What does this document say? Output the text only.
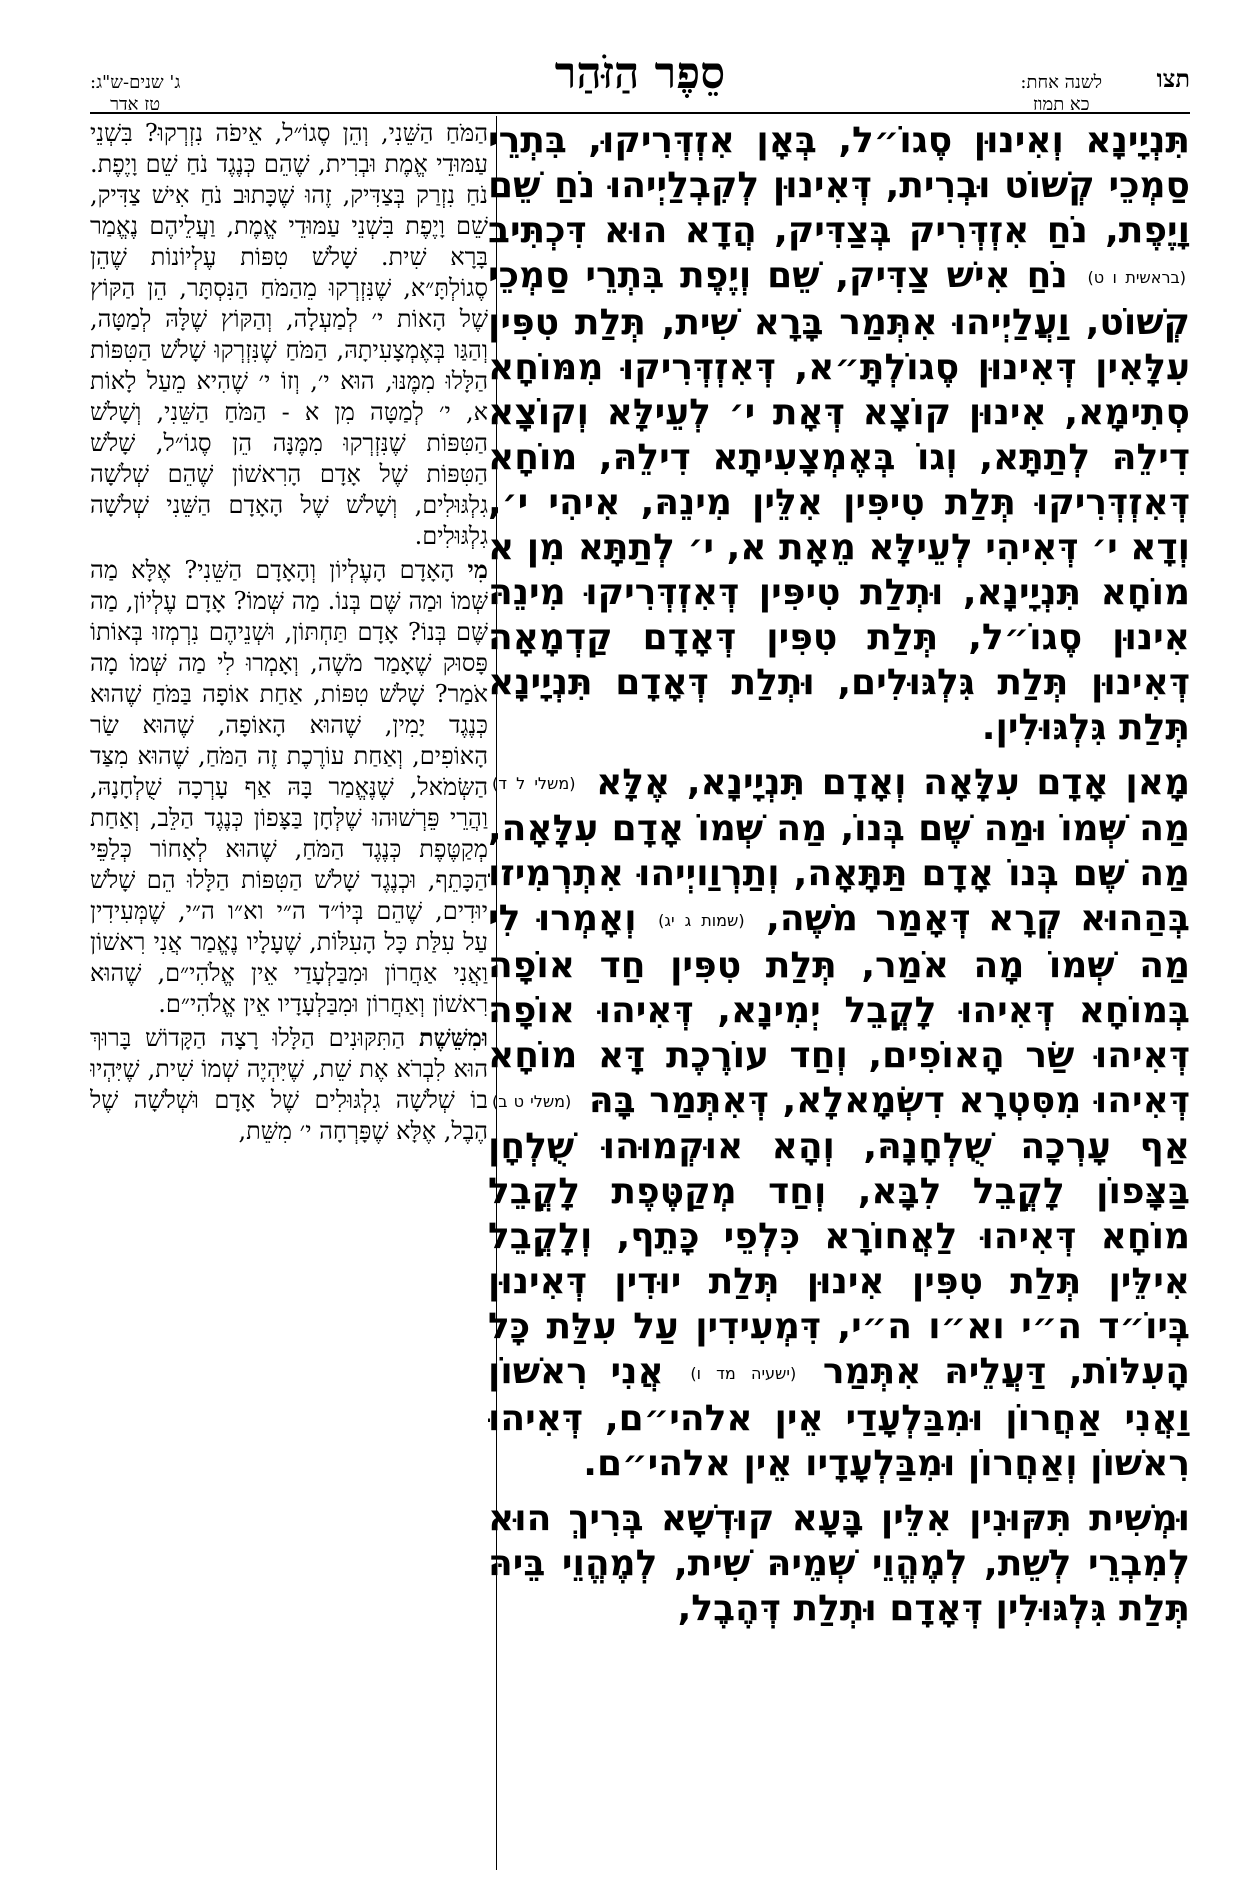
תצו
לשנה אחת:
כא תמוז
סֵפֶר הַזֹּהַר
ג' שנים-ש"ג:
טז אדר

תִּנְיָינָא וְאִינוּן סֶגוֹ״ל, בְּאָן אִזְדְּרִיקוּ, בִּתְרֵי סַמְכֵי קְשׁוֹט וּבְרִית, דְּאִינוּן לְקִבְלַיְיהוּ נֹחַ שֵׁם וָיֶפֶת, נֹחַ אִזְדְּרִיק בְּצַדִּיק, הֲדָא הוּא דִּכְתִּיב (בראשית ו ט) נֹחַ אִישׁ צַדִּיק, שֵׁם וְיֶפֶת בִּתְרֵי סַמְכֵי קְשׁוֹט, וַעֲלַיְיהוּ אִתְּמַר בָּרָא שִׁית, תְּלַת טִפִּין עִלָּאִין דְּאִינוּן סֶגוֹלְתָּ״א, דְּאִזְדְּרִיקוּ מִמּוֹחָא סְתִימָא, אִינוּן קוֹצָא דְּאָת י׳ לְעֵילָּא וְקוֹצָא דִילֵהּ לְתַתָּא, וְגוֹ בְּאֶמְצָעִיתָא דִילֵהּ, מוֹחָא דְּאִזְדְּרִיקוּ תְּלַת טִיפִּין אִלֵּין מִינֵהּ, אִיהִי י׳, וְדָא י׳ דְּאִיהִי לְעֵילָּא מֵאָת א, י׳ לְתַתָּא מִן א מוֹחָא תִּנְיָינָא, וּתְלַת טִיפִּין דְּאִזְדְּרִיקוּ מִינֵהּ אִינוּן סֶגוֹ״ל, תְּלַת טִפִּין דְּאָדָם קַדְמָאָה דְּאִינוּן תְּלַת גִּלְגּוּלִים, וּתְלַת דְּאָדָם תִּנְיָינָא תְּלַת גִּלְגּוּלִין.

מָאן אָדָם עִלָּאָה וְאָדָם תִּנְיָינָא, אֶלָּא (משלי ל ד) מַה שְּׁמוֹ וּמַה שֶּׁם בְּנוֹ, מַה שְּׁמוֹ אָדָם עִלָּאָה, מַה שֶּׁם בְּנוֹ אָדָם תַּתָּאָה, וְתַרְוַויְיהוּ אִתְרְמִיזוּ בְּהַהוּא קְרָא דְּאָמַר מֹשֶׁה, (שמות ג יג) וְאָמְרוּ לִי מַה שְּׁמוֹ מָה אֹמַר, תְּלַת טִפִּין חַד אוֹפָה בְּמוֹחָא דְּאִיהוּ לָקֳבֵל יְמִינָא, דְּאִיהוּ אוֹפָה דְּאִיהוּ שַׂר הָאוֹפִים, וְחַד עוֹרֶכֶת דָּא מוֹחָא דְּאִיהוּ מִסִּטְרָא דִשְׂמָאלָא, דְּאִתְּמַר בָּהּ (משלי ט ב) אַף עָרְכָה שֻׁלְחָנָהּ, וְהָא אוּקְמוּהוּ שֻׁלְחָן בַּצָּפוֹן לָקֳבֵל לִבָּא, וְחַד מְקַטֶּפֶת לָקֳבֵל מוֹחָא דְּאִיהוּ לַאֲחוֹרָא כִּלְפֵי כָּתֵף, וְלָקֳבֵל אִילֵּין תְּלַת טִפִּין אִינוּן תְּלַת יוּדִין דְּאִינוּן בְּיוֹ״ד ה״י וא״ו ה״י, דִּמְעִידִין עַל עִלַּת כָּל הָעִלּוֹת, דַּעֲלֵיהּ אִתְּמַר (ישעיה מד ו) אֲנִי רִאשׁוֹן וַאֲנִי אַחֲרוֹן וּמִבַּלְעָדַי אֵין אלהי״ם, דְּאִיהוּ רִאשׁוֹן וְאַחֲרוֹן וּמִבַּלְעָדָיו אֵין אלהי״ם.

וּמְשִׁית תִּקּוּנִין אִלֵּין בָּעָא קוּדְשָׁא בְּרִיךְ הוּא לְמִבְרֵי לְשֵׁת, לְמֶהֱוֵי שְׁמֵיהּ שִׁית, לְמֶהֱוֵי בֵּיהּ תְּלַת גִּלְגּוּלִין דְּאָדָם וּתְלַת דְּהֶבֶל,

הַמֹּחַ הַשֵּׁנִי, וְהֵן סֶגוֹ״ל, אֵיפֹה נִזְרְקוּ? בִּשְׁנֵי עַמּוּדֵי אֱמֶת וּבְרִית, שֶׁהֵם כְּנֶגֶד נֹחַ שֵׁם וָיֶפֶת. נֹחַ נִזְרַק בְּצַדִּיק, זֶהוּ שֶׁכָּתוּב נֹחַ אִישׁ צַדִּיק, שֵׁם וָיֶפֶת בִּשְׁנֵי עַמּוּדֵי אֱמֶת, וַעֲלֵיהֶם נֶאֱמַר בָּרָא שִׁית. שָׁלֹשׁ טִפּוֹת עֶלְיוֹנוֹת שֶׁהֵן סֶגוֹלְתָּ״א, שֶׁנִּזְרְקוּ מֵהַמֹּחַ הַנִּסְתָּר, הֵן הַקּוֹץ שֶׁל הָאוֹת י׳ לְמַעְלָה, וְהַקּוֹץ שֶׁלָּהּ לְמַטָּה, וְהַגַּו בְּאֶמְצָעִיתָהּ, הַמֹּחַ שֶׁנִּזְרְקוּ שָׁלֹשׁ הַטִּפּוֹת הַלָּלוּ מִמֶּנּוּ, הוּא י׳, וְזוֹ י׳ שֶׁהִיא מֵעַל לָאוֹת א, י׳ לְמַטָּה מִן א - הַמֹּחַ הַשֵּׁנִי, וְשָׁלֹשׁ הַטִּפּוֹת שֶׁנִּזְרְקוּ מִמֶּנָּה הֵן סֶגוֹ״ל, שָׁלֹשׁ הַטִּפּוֹת שֶׁל אָדָם הָרִאשׁוֹן שֶׁהֵם שְׁלֹשָׁה גִלְגּוּלִים, וְשָׁלֹשׁ שֶׁל הָאָדָם הַשֵּׁנִי שְׁלֹשָׁה גִלְגּוּלִים.

מִי הָאָדָם הָעֶלְיוֹן וְהָאָדָם הַשֵּׁנִי? אֶלָּא מַה שְּׁמוֹ וּמַה שֶּׁם בְּנוֹ. מַה שְּׁמוֹ? אָדָם עֶלְיוֹן, מַה שֶּׁם בְּנוֹ? אָדָם תַּחְתּוֹן, וּשְׁנֵיהֶם נִרְמְזוּ בְּאוֹתוֹ פָּסוּק שֶׁאָמַר מֹשֶׁה, וְאָמְרוּ לִי מַה שְּׁמוֹ מָה אֹמַר? שָׁלֹשׁ טִפּוֹת, אַחַת אוֹפָה בַּמֹּחַ שֶׁהוּא כְּנֶגֶד יָמִין, שֶׁהוּא הָאוֹפָה, שֶׁהוּא שַׂר הָאוֹפִים, וְאַחַת עוֹרֶכֶת זֶה הַמֹּחַ, שֶׁהוּא מִצַּד הַשְּׂמֹאל, שֶׁנֶּאֱמַר בָּהּ אַף עָרְכָה שֻׁלְחָנָהּ, וַהֲרֵי פֵּרְשׁוּהוּ שֶׁלְּחָן בַּצָּפוֹן כְּנֶגֶד הַלֵּב, וְאַחַת מְקַטֶּפֶת כְּנֶגֶד הַמֹּחַ, שֶׁהוּא לְאָחוֹר כְּלַפֵּי הַכָּתֵף, וּכְנֶגֶד שָׁלֹשׁ הַטִּפּוֹת הַלָּלוּ הֵם שָׁלֹשׁ יוּדִים, שֶׁהֵם בְּיוֹ״ד ה״י וא״ו ה״י, שֶׁמְּעִידִין עַל עִלַּת כָּל הָעִלּוֹת, שֶׁעָלָיו נֶאֱמַר אֲנִי רִאשׁוֹן וַאֲנִי אַחֲרוֹן וּמִבַּלְעָדַי אֵין אֱלֹהִי״ם, שֶׁהוּא רִאשׁוֹן וְאַחֲרוֹן וּמִבַּלְעָדָיו אֵין אֱלֹהִי״ם.

וּמִשֵּׁשֶׁת הַתִּקּוּנִים הַלָּלוּ רָצָה הַקָּדוֹשׁ בָּרוּךְ הוּא לִבְרֹא אֶת שֵׁת, שֶׁיִּהְיֶה שְׁמוֹ שִׁית, שֶׁיִּהְיוּ בוֹ שְׁלֹשָׁה גִלְגּוּלִים שֶׁל אָדָם וּשְׁלֹשָׁה שֶׁל הֶבֶל, אֶלָּא שֶׁפָּרְחָה י׳ מִשֵּׁת,
